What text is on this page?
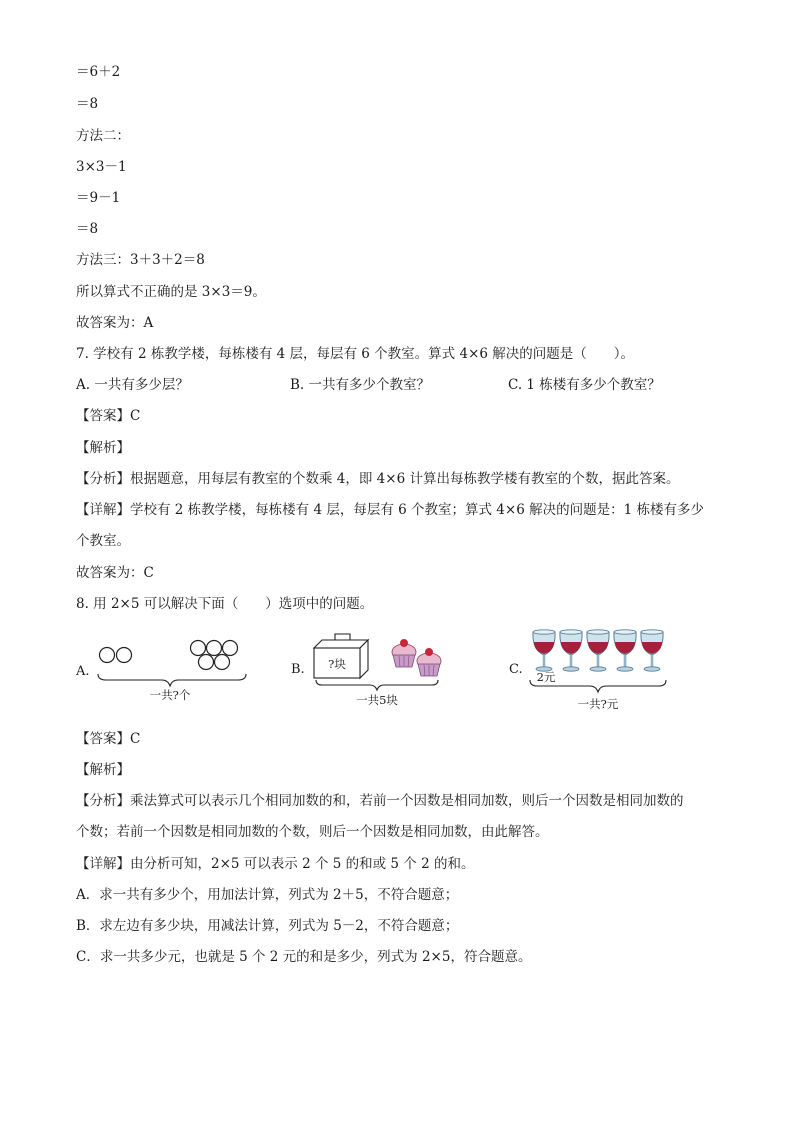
＝6＋2
＝8
方法二：
3×3－1
＝9－1
＝8
方法三：3＋3＋2＝8
所以算式不正确的是 3×3＝9。
故答案为：A
7. 学校有 2 栋教学楼，每栋楼有 4 层，每层有 6 个教室。算式 4×6 解决的问题是（　　）。
A. 一共有多少层？	B. 一共有多少个教室？	C. 1 栋楼有多少个教室？
【答案】C
【解析】
【分析】根据题意，用每层有教室的个数乘 4，即 4×6 计算出每栋教学楼有教室的个数，据此答案。
【详解】学校有 2 栋教学楼，每栋楼有 4 层，每层有 6 个教室；算式 4×6 解决的问题是：1 栋楼有多少
个教室。
故答案为：C
8. 用 2×5 可以解决下面（　　）选项中的问题。
A.
一共?个
B. ?块
一共5块
C. 2元
一共?元
【答案】C
【解析】
【分析】乘法算式可以表示几个相同加数的和，若前一个因数是相同加数，则后一个因数是相同加数的
个数；若前一个因数是相同加数的个数，则后一个因数是相同加数，由此解答。
【详解】由分析可知，2×5 可以表示 2 个 5 的和或 5 个 2 的和。
A．求一共有多少个，用加法计算，列式为 2＋5，不符合题意；
B．求左边有多少块，用减法计算，列式为 5－2，不符合题意；
C．求一共多少元，也就是 5 个 2 元的和是多少，列式为 2×5，符合题意。
